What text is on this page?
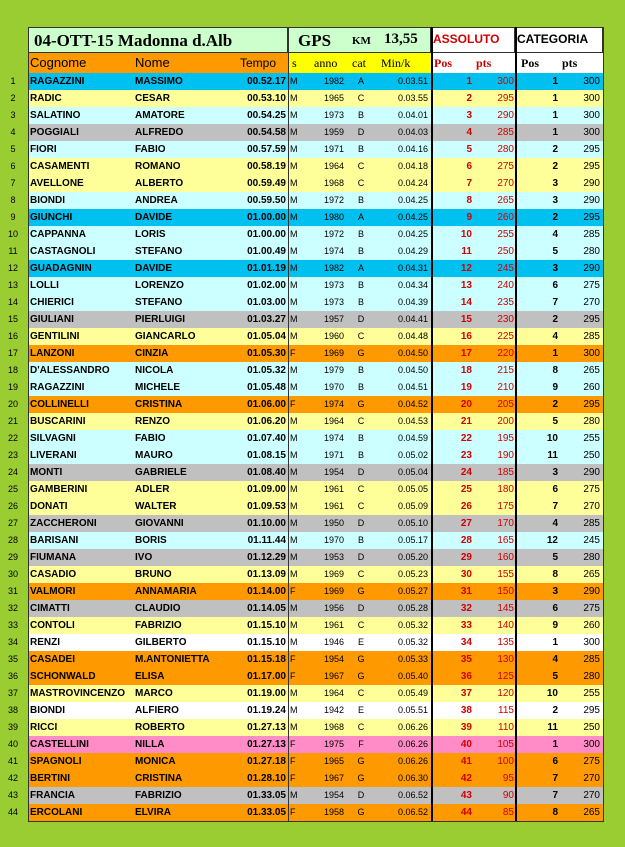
04-OTT-15 Madonna d.Alb	GPS KM 13,55 ASSOLUTO CATEGORIA
Cognome	Nome	Tempo s anno cat Min/k Pos pts Pos pts
1	RAGAZZINI	MASSIMO	00.52.17 M	1982	A	0.03.51	1	300	1	300
2	RADIC	CESAR	00.53.10 M	1965	C	0.03.55	2	295	1	300
3	SALATINO	AMATORE	00.54.25 M	1973	B	0.04.01	3	290	1	300
4	POGGIALI	ALFREDO	00.54.58 M	1959	D	0.04.03	4	285	1	300
5	FIORI	FABIO	00.57.59 M	1971	B	0.04.16	5	280	2	295
6	CASAMENTI	ROMANO	00.58.19 M	1964	C	0.04.18	6	275	2	295
7	AVELLONE	ALBERTO	00.59.49 M	1968	C	0.04.24	7	270	3	290
8	BIONDI	ANDREA	00.59.50 M	1972	B	0.04.25	8	265	3	290
9	GIUNCHI	DAVIDE	01.00.00 M	1980	A	0.04.25	9	260	2	295
10	CAPPANNA	LORIS	01.00.00 M	1972	B	0.04.25	10	255	4	285
11	CASTAGNOLI	STEFANO	01.00.49 M	1974	B	0.04.29	11	250	5	280
12	GUADAGNIN	DAVIDE	01.01.19 M	1982	A	0.04.31	12	245	3	290
13	LOLLI	LORENZO	01.02.00 M	1973	B	0.04.34	13	240	6	275
14	CHIERICI	STEFANO	01.03.00 M	1973	B	0.04.39	14	235	7	270
15	GIULIANI	PIERLUIGI	01.03.27 M	1957	D	0.04.41	15	230	2	295
16	GENTILINI	GIANCARLO	01.05.04 M	1960	C	0.04.48	16	225	4	285
17	LANZONI	CINZIA	01.05.30 F	1969	G	0.04.50	17	220	1	300
18	D'ALESSANDRO	NICOLA	01.05.32 M	1979	B	0.04.50	18	215	8	265
19	RAGAZZINI	MICHELE	01.05.48 M	1970	B	0.04.51	19	210	9	260
20	COLLINELLI	CRISTINA	01.06.00 F	1974	G	0.04.52	20	205	2	295
21	BUSCARINI	RENZO	01.06.20 M	1964	C	0.04.53	21	200	5	280
22	SILVAGNI	FABIO	01.07.40 M	1974	B	0.04.59	22	195	10	255
23	LIVERANI	MAURO	01.08.15 M	1971	B	0.05.02	23	190	11	250
24	MONTI	GABRIELE	01.08.40 M	1954	D	0.05.04	24	185	3	290
25	GAMBERINI	ADLER	01.09.00 M	1961	C	0.05.05	25	180	6	275
26	DONATI	WALTER	01.09.53 M	1961	C	0.05.09	26	175	7	270
27	ZACCHERONI	GIOVANNI	01.10.00 M	1950	D	0.05.10	27	170	4	285
28	BARISANI	BORIS	01.11.44 M	1970	B	0.05.17	28	165	12	245
29	FIUMANA	IVO	01.12.29 M	1953	D	0.05.20	29	160	5	280
30	CASADIO	BRUNO	01.13.09 M	1969	C	0.05.23	30	155	8	265
31	VALMORI	ANNAMARIA	01.14.00 F	1969	G	0.05.27	31	150	3	290
32	CIMATTI	CLAUDIO	01.14.05 M	1956	D	0.05.28	32	145	6	275
33	CONTOLI	FABRIZIO	01.15.10 M	1961	C	0.05.32	33	140	9	260
34	RENZI	GILBERTO	01.15.10 M	1946	E	0.05.32	34	135	1	300
35	CASADEI	M.ANTONIETTA	01.15.18 F	1954	G	0.05.33	35	130	4	285
36	SCHONWALD	ELISA	01.17.00 F	1967	G	0.05.40	36	125	5	280
37	MASTROVINCENZO MARCO	01.19.00 M	1964	C	0.05.49	37	120	10	255
38	BIONDI	ALFIERO	01.19.24 M	1942	E	0.05.51	38	115	2	295
39	RICCI	ROBERTO	01.27.13 M	1968	C	0.06.26	39	110	11	250
40	CASTELLINI	NILLA	01.27.13 F	1975	F	0.06.26	40	105	1	300
41	SPAGNOLI	MONICA	01.27.18 F	1965	G	0.06.26	41	100	6	275
42	BERTINI	CRISTINA	01.28.10 F	1967	G	0.06.30	42	95	7	270
43	FRANCIA	FABRIZIO	01.33.05 M	1954	D	0.06.52	43	90	7	270
44	ERCOLANI	ELVIRA	01.33.05 F	1958	G	0.06.52	44	85	8	265
